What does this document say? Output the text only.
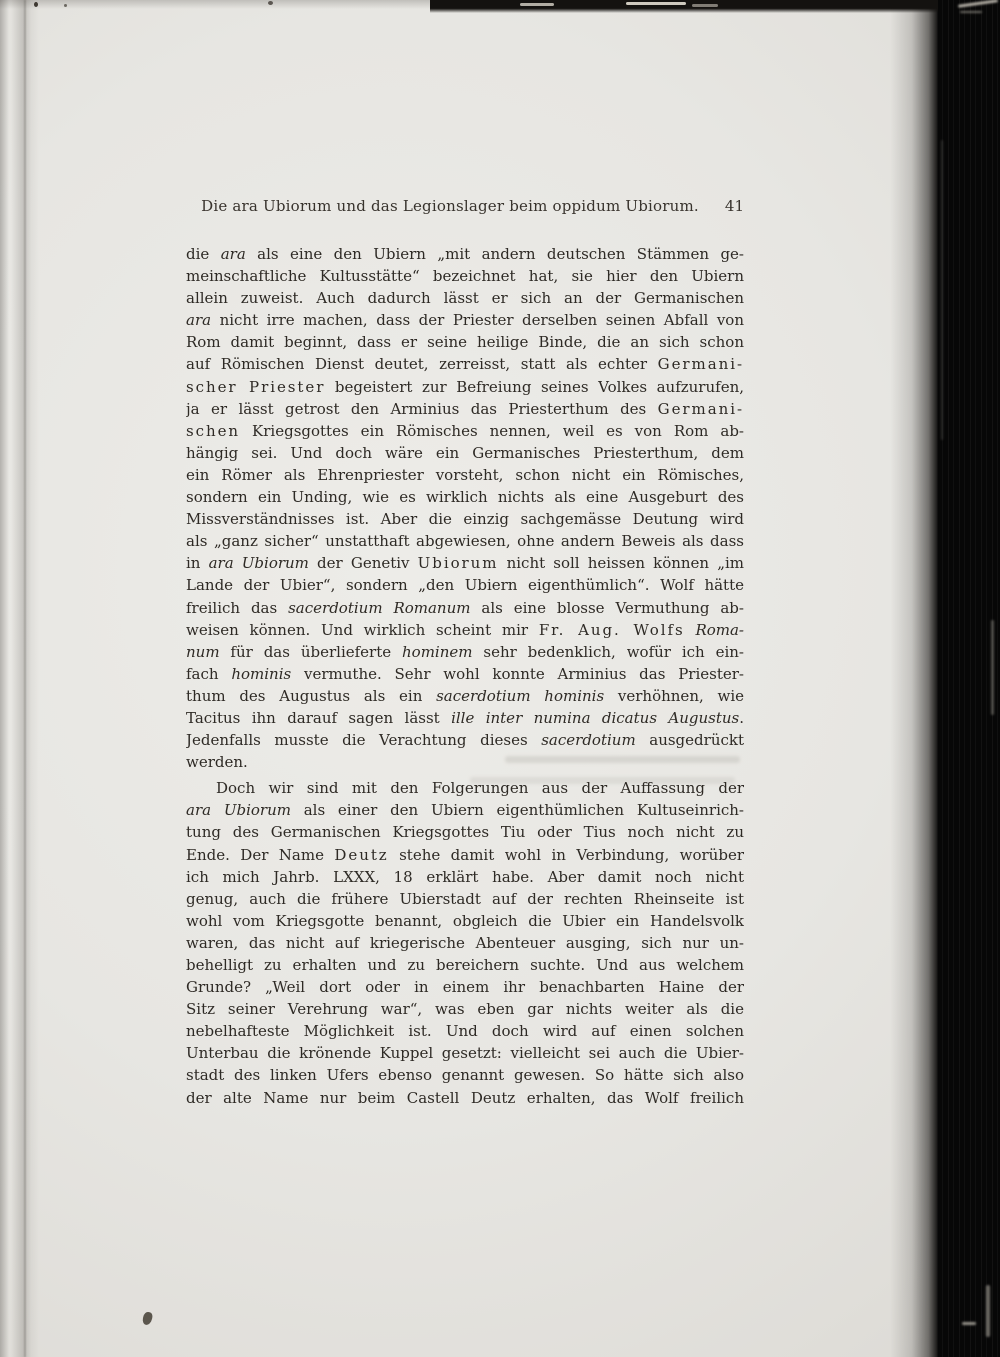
Die ara Ubiorum und das Legionslager beim oppidum Ubiorum.	41
die ara als eine den Ubiern „mit andern deutschen Stämmen ge-
meinschaftliche Kultusstätte“ bezeichnet hat, sie hier den Ubiern
allein zuweist. Auch dadurch lässt er sich an der Germanischen
ara nicht irre machen, dass der Priester derselben seinen Abfall von
Rom damit beginnt, dass er seine heilige Binde, die an sich schon
auf Römischen Dienst deutet, zerreisst, statt als echter Germani-
scher Priester begeistert zur Befreiung seines Volkes aufzurufen,
ja er lässt getrost den Arminius das Priesterthum des Germani-
schen Kriegsgottes ein Römisches nennen, weil es von Rom ab-
hängig sei. Und doch wäre ein Germanisches Priesterthum, dem
ein Römer als Ehrenpriester vorsteht, schon nicht ein Römisches,
sondern ein Unding, wie es wirklich nichts als eine Ausgeburt des
Missverständnisses ist. Aber die einzig sachgemässe Deutung wird
als „ganz sicher“ unstatthaft abgewiesen, ohne andern Beweis als dass
in ara Ubiorum der Genetiv Ubiorum nicht soll heissen können „im
Lande der Ubier“, sondern „den Ubiern eigenthümlich“. Wolf hätte
freilich das sacerdotium Romanum als eine blosse Vermuthung ab-
weisen können. Und wirklich scheint mir Fr. Aug. Wolfs Roma-
num für das überlieferte hominem sehr bedenklich, wofür ich ein-
fach hominis vermuthe. Sehr wohl konnte Arminius das Priester-
thum des Augustus als ein sacerdotium hominis verhöhnen, wie
Tacitus ihn darauf sagen lässt ille inter numina dicatus Augustus.
Jedenfalls musste die Verachtung dieses sacerdotium ausgedrückt
werden.
Doch wir sind mit den Folgerungen aus der Auffassung der
ara Ubiorum als einer den Ubiern eigenthümlichen Kultuseinrich-
tung des Germanischen Kriegsgottes Tiu oder Tius noch nicht zu
Ende. Der Name Deutz stehe damit wohl in Verbindung, worüber
ich mich Jahrb. LXXX, 18 erklärt habe. Aber damit noch nicht
genug, auch die frühere Ubierstadt auf der rechten Rheinseite ist
wohl vom Kriegsgotte benannt, obgleich die Ubier ein Handelsvolk
waren, das nicht auf kriegerische Abenteuer ausging, sich nur un-
behelligt zu erhalten und zu bereichern suchte. Und aus welchem
Grunde? „Weil dort oder in einem ihr benachbarten Haine der
Sitz seiner Verehrung war“, was eben gar nichts weiter als die
nebelhafteste Möglichkeit ist. Und doch wird auf einen solchen
Unterbau die krönende Kuppel gesetzt: vielleicht sei auch die Ubier-
stadt des linken Ufers ebenso genannt gewesen. So hätte sich also
der alte Name nur beim Castell Deutz erhalten, das Wolf freilich
